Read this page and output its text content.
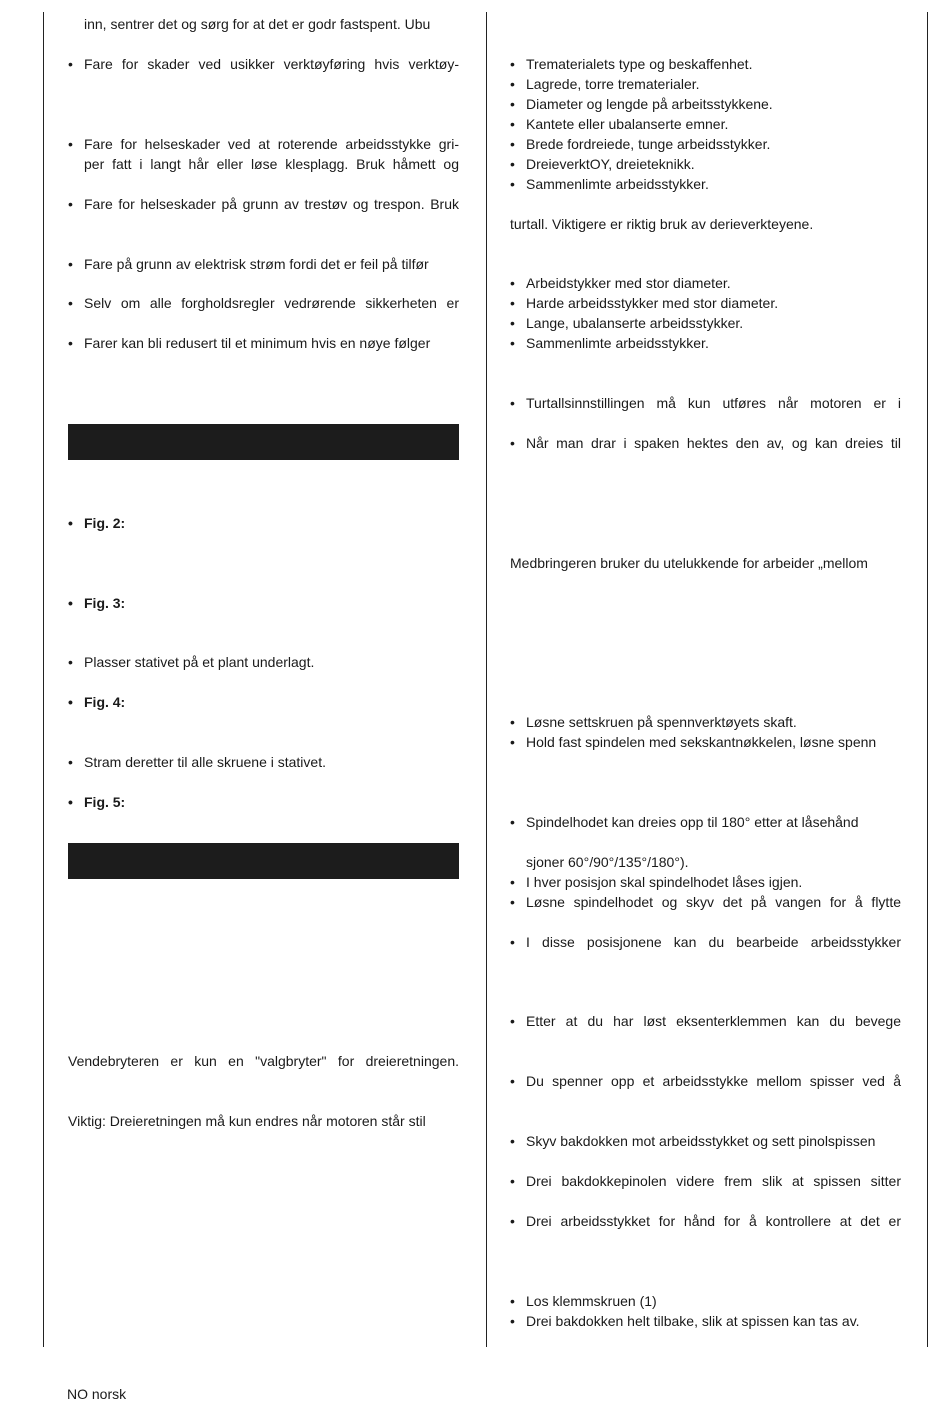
inn, sentrer det og sørg for at det er godr fastspent. Ubu
• Fare for skader ved usikker verktøyføring hvis verktøy-
• Fare for helseskader ved at roterende arbeidsstykke gri-
per fatt i langt hår eller løse klesplagg. Bruk håmett og
• Fare for helseskader på grunn av trestøv og trespon. Bruk
• Fare på grunn av elektrisk strøm fordi det er feil på tilfør
• Selv om alle forgholdsregler vedrørende sikkerheten er
• Farer kan bli redusert til et minimum hvis en nøye følger
• Fig. 2:
• Fig. 3:
• Plasser stativet på et plant underlagt.
• Fig. 4:
• Stram deretter til alle skruene i stativet.
• Fig. 5:
Vendebryteren er kun en "valgbryter" for dreieretningen.
Viktig: Dreieretningen må kun endres når motoren står stil
• Trematerialets type og beskaffenhet.
• Lagrede, torre trematerialer.
• Diameter og lengde på arbeitsstykkene.
• Kantete eller ubalanserte emner.
• Brede fordreiede, tunge arbeidsstykker.
• DreieverktOY, dreieteknikk.
• Sammenlimte arbeidsstykker.
turtall. Viktigere er riktig bruk av derieverkteyene.
• Arbeidstykker med stor diameter.
• Harde arbeidsstykker med stor diameter.
• Lange, ubalanserte arbeidsstykker.
• Sammenlimte arbeidsstykker.
• Turtallsinnstillingen må kun utføres når motoren er i
• Når man drar i spaken hektes den av, og kan dreies til
Medbringeren bruker du utelukkende for arbeider „mellom
• Løsne settskruen på spennverktøyets skaft.
• Hold fast spindelen med sekskantnøkkelen, løsne spenn
• Spindelhodet kan dreies opp til 180° etter at låsehånd
sjoner 60°/90°/135°/180°).
• I hver posisjon skal spindelhodet låses igjen.
• Løsne spindelhodet og skyv det på vangen for å flytte
• I disse posisjonene kan du bearbeide arbeidsstykker
• Etter at du har løst eksenterklemmen kan du bevege
• Du spenner opp et arbeidsstykke mellom spisser ved å
• Skyv bakdokken mot arbeidsstykket og sett pinolspissen
• Drei bakdokkepinolen videre frem slik at spissen sitter
• Drei arbeidsstykket for hånd for å kontrollere at det er
• Los klemmskruen (1)
• Drei bakdokken helt tilbake, slik at spissen kan tas av.
NO norsk
